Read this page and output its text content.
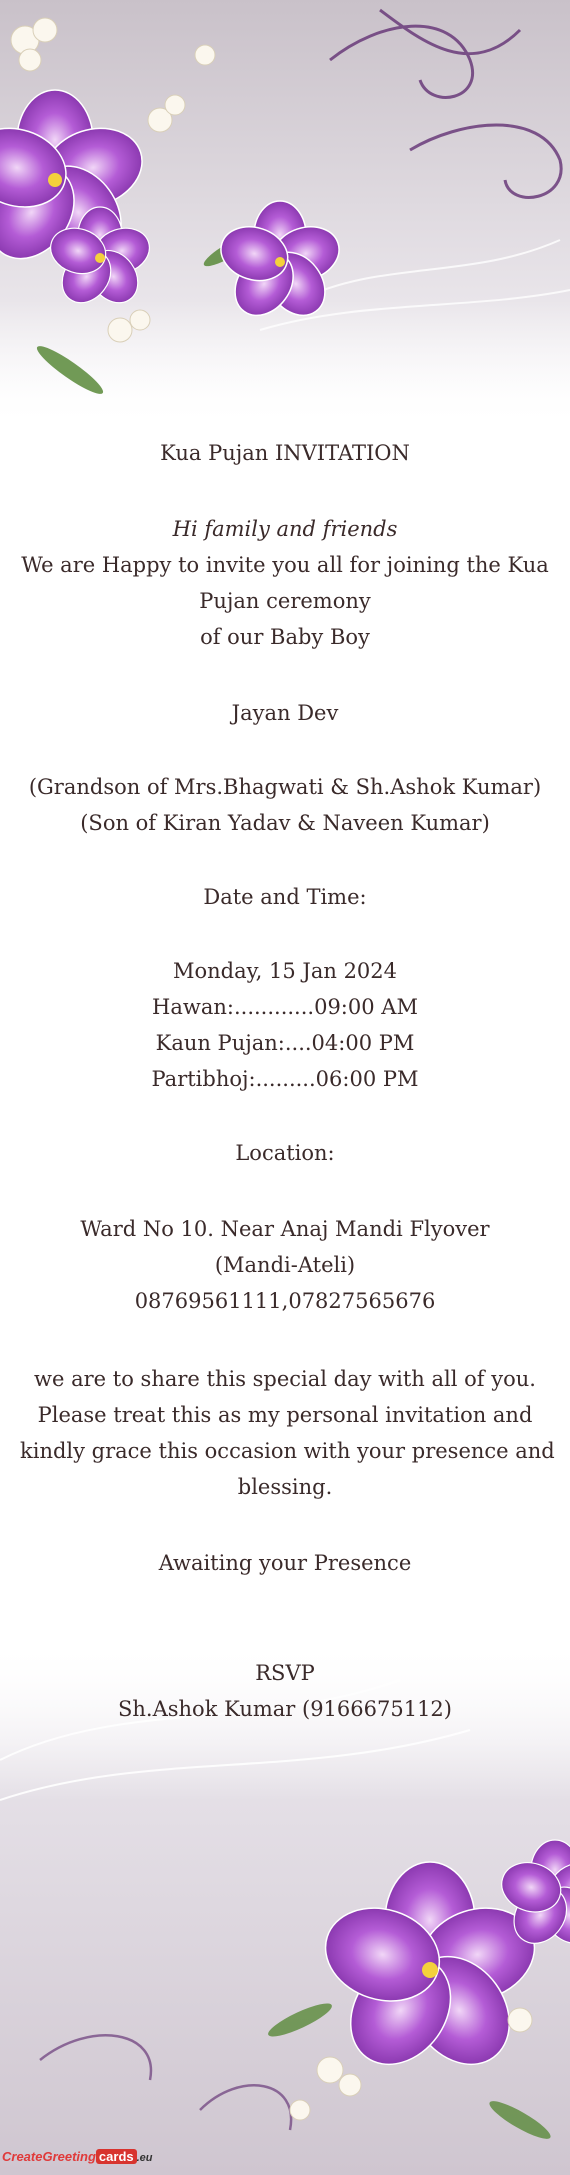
Kua Pujan INVITATION
Hi family and friends
We are Happy to invite you all for joining the Kua
Pujan ceremony
of our Baby Boy
Jayan Dev
(Grandson of Mrs.Bhagwati & Sh.Ashok Kumar)
(Son of Kiran Yadav & Naveen Kumar)
Date and Time:
Monday, 15 Jan 2024
Hawan:............09:00 AM
Kaun Pujan:....04:00 PM
Partibhoj:.........06:00 PM
Location:
Ward No 10. Near Anaj Mandi Flyover
(Mandi-Ateli)
08769561111,07827565676
we are to share this special day with all of you.
Please treat this as my personal invitation and
kindly grace this occasion with your presence and
blessing.
Awaiting your Presence
RSVP
Sh.Ashok Kumar (9166675112)
CreateGreeting cards .eu
